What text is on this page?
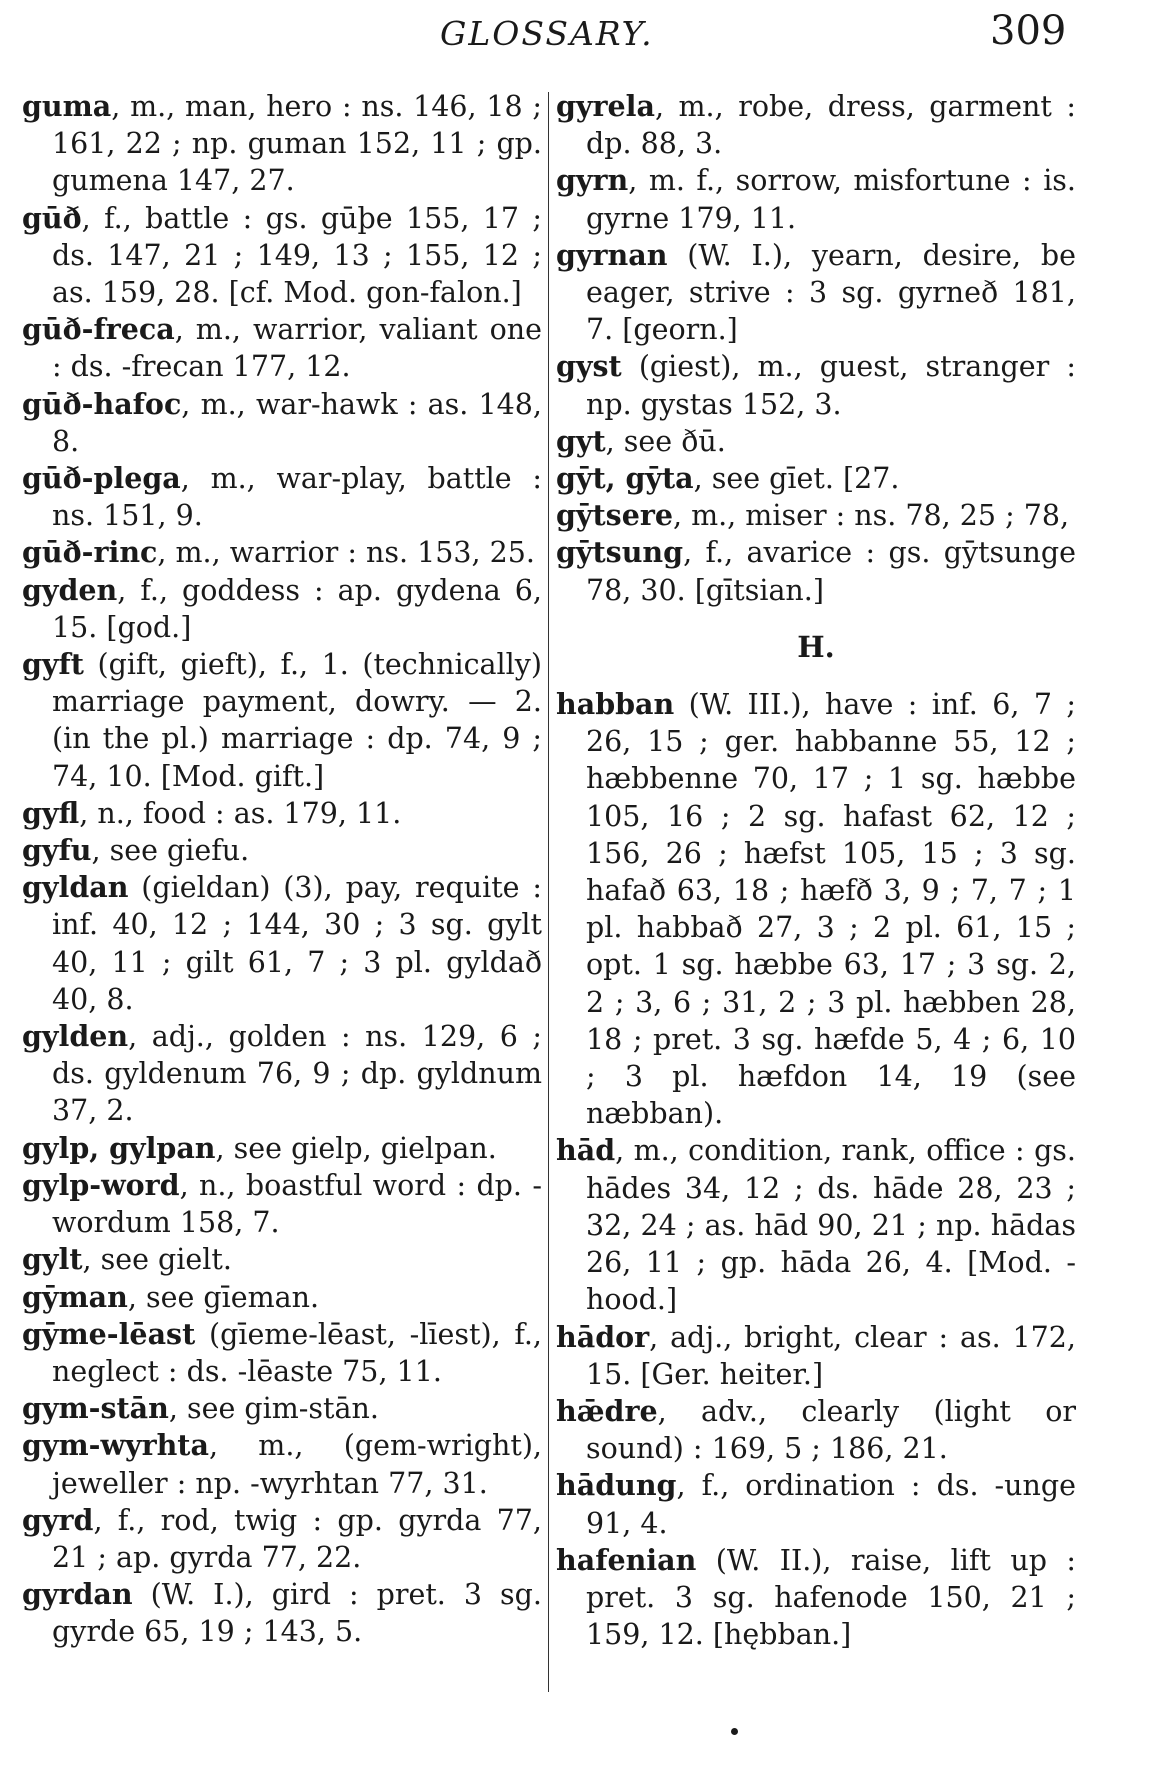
GLOSSARY.	309

guma, m., man, hero : ns. 146, 18 ; 161, 22 ; np. guman 152, 11 ; gp. gumena 147, 27.

gūð, f., battle : gs. gūþe 155, 17 ; ds. 147, 21 ; 149, 13 ; 155, 12 ; as. 159, 28. [cf. Mod. gon-falon.]

gūð-freca, m., warrior, valiant one : ds. -frecan 177, 12.

gūð-hafoc, m., war-hawk : as. 148, 8.

gūð-plega, m., war-play, battle : ns. 151, 9.

gūð-rinc, m., warrior : ns. 153, 25.

gyden, f., goddess : ap. gydena 6, 15. [god.]

gyft (gift, gieft), f., 1. (technically) marriage payment, dowry. — 2. (in the pl.) marriage : dp. 74, 9 ; 74, 10. [Mod. gift.]

gyfl, n., food : as. 179, 11.

gyfu, see giefu.

gyldan (gieldan) (3), pay, requite : inf. 40, 12 ; 144, 30 ; 3 sg. gylt 40, 11 ; gilt 61, 7 ; 3 pl. gyldað 40, 8.

gylden, adj., golden : ns. 129, 6 ; ds. gyldenum 76, 9 ; dp. gyldnum 37, 2.

gylp, gylpan, see gielp, gielpan.

gylp-word, n., boastful word : dp. -wordum 158, 7.

gylt, see gielt.

gȳman, see gīeman.

gȳme-lēast (gīeme-lēast, -līest), f., neglect : ds. -lēaste 75, 11.

gym-stān, see gim-stān.

gym-wyrhta, m., (gem-wright), jeweller : np. -wyrhtan 77, 31.

gyrd, f., rod, twig : gp. gyrda 77, 21 ; ap. gyrda 77, 22.

gyrdan (W. I.), gird : pret. 3 sg. gyrde 65, 19 ; 143, 5.

gyrela, m., robe, dress, garment : dp. 88, 3.

gyrn, m. f., sorrow, misfortune : is. gyrne 179, 11.

gyrnan (W. I.), yearn, desire, be eager, strive : 3 sg. gyrneð 181, 7. [georn.]

gyst (giest), m., guest, stranger : np. gystas 152, 3.

gyt, see ðū.

gȳt, gȳta, see gīet. [27.

gȳtsere, m., miser : ns. 78, 25 ; 78,

gȳtsung, f., avarice : gs. gȳtsunge 78, 30. [gītsian.]

H.

habban (W. III.), have : inf. 6, 7 ; 26, 15 ; ger. habbanne 55, 12 ; hæbbenne 70, 17 ; 1 sg. hæbbe 105, 16 ; 2 sg. hafast 62, 12 ; 156, 26 ; hæfst 105, 15 ; 3 sg. hafað 63, 18 ; hæfð 3, 9 ; 7, 7 ; 1 pl. habbað 27, 3 ; 2 pl. 61, 15 ; opt. 1 sg. hæbbe 63, 17 ; 3 sg. 2, 2 ; 3, 6 ; 31, 2 ; 3 pl. hæbben 28, 18 ; pret. 3 sg. hæfde 5, 4 ; 6, 10 ; 3 pl. hæfdon 14, 19 (see næbban).

hād, m., condition, rank, office : gs. hādes 34, 12 ; ds. hāde 28, 23 ; 32, 24 ; as. hād 90, 21 ; np. hādas 26, 11 ; gp. hāda 26, 4. [Mod. -hood.]

hādor, adj., bright, clear : as. 172, 15. [Ger. heiter.]

hǣdre, adv., clearly (light or sound) : 169, 5 ; 186, 21.

hādung, f., ordination : ds. -unge 91, 4.

hafenian (W. II.), raise, lift up : pret. 3 sg. hafenode 150, 21 ; 159, 12. [hębban.]
